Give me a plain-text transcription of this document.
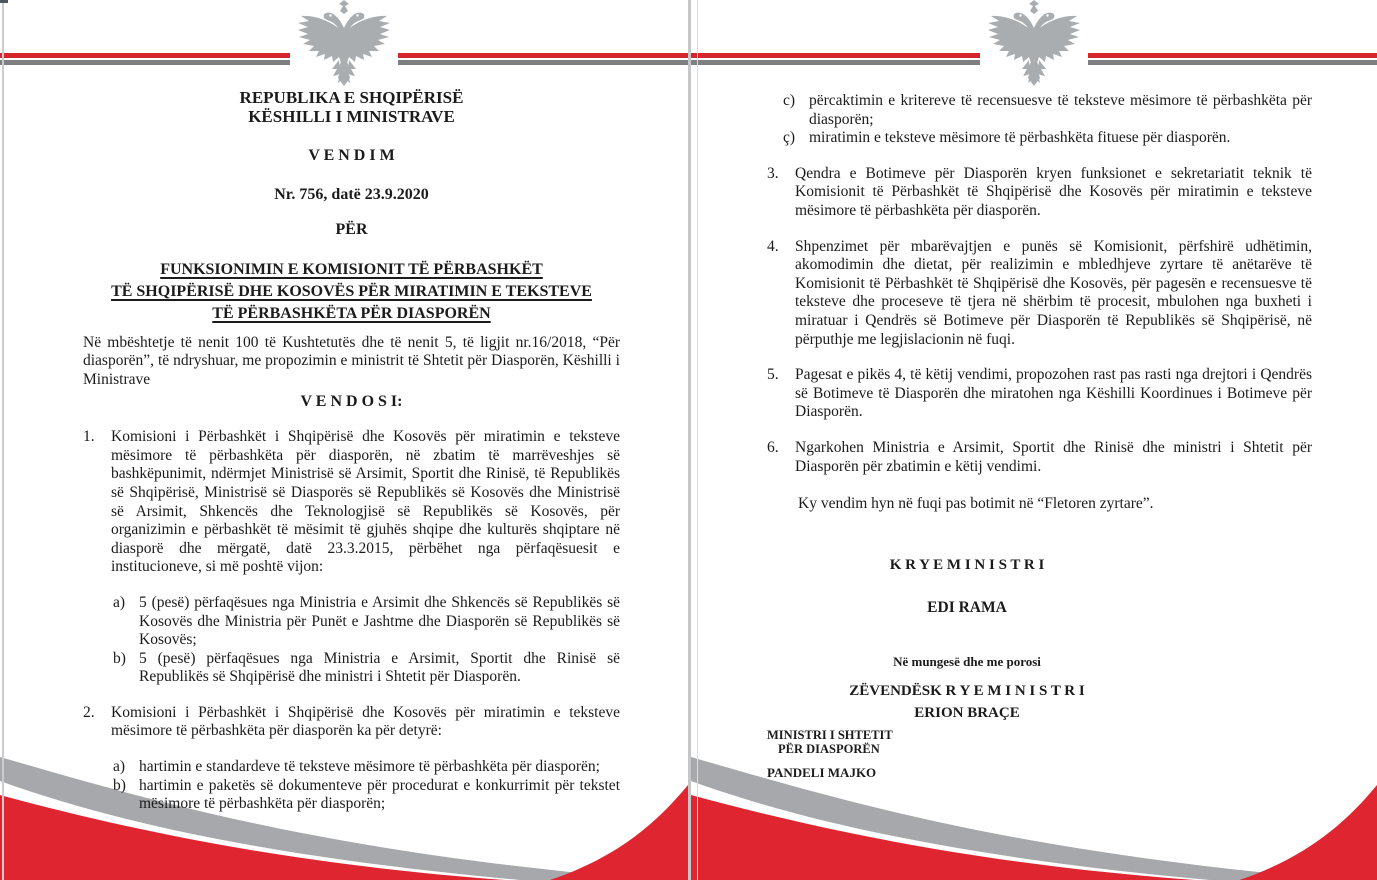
REPUBLIKA E SHQIPËRISË
KËSHILLI I MINISTRAVE
V E N D I M
Nr. 756, datë 23.9.2020
PËR
FUNKSIONIMIN E KOMISIONIT TË PËRBASHKËT
TË SHQIPËRISË DHE KOSOVËS PËR MIRATIMIN E TEKSTEVE
TË PËRBASHKËTA PËR DIASPORËN

Në mbështetje të nenit 100 të Kushtetutës dhe të nenit 5, të ligjit nr.16/2018, “Për diasporën”, të ndryshuar, me propozimin e ministrit të Shtetit për Diasporën, Këshilli i Ministrave

V E N D O S I:
1.	Komisioni i Përbashkët i Shqipërisë dhe Kosovës për miratimin e teksteve mësimore të përbashkëta për diasporën, në zbatim të marrëveshjes së bashkëpunimit, ndërmjet Ministrisë së Arsimit, Sportit dhe Rinisë, të Republikës së Shqipërisë, Ministrisë së Diasporës së Republikës së Kosovës dhe Ministrisë së Arsimit, Shkencës dhe Teknologjisë së Republikës së Kosovës, për organizimin e përbashkët të mësimit të gjuhës shqipe dhe kulturës shqiptare në diasporë dhe mërgatë, datë 23.3.2015, përbëhet nga përfaqësuesit e institucioneve, si më poshtë vijon:
a) 5 (pesë) përfaqësues nga Ministria e Arsimit dhe Shkencës së Republikës së Kosovës dhe Ministria për Punët e Jashtme dhe Diasporën së Republikës së Kosovës;
b) 5 (pesë) përfaqësues nga Ministria e Arsimit, Sportit dhe Rinisë së Republikës së Shqipërisë dhe ministri i Shtetit për Diasporën.
2.	Komisioni i Përbashkët i Shqipërisë dhe Kosovës për miratimin e teksteve mësimore të përbashkëta për diasporën ka për detyrë:
a) hartimin e standardeve të teksteve mësimore të përbashkëta për diasporën;
b) hartimin e paketës së dokumenteve për procedurat e konkurrimit për tekstet mësimore të përbashkëta për diasporën;
c) përcaktimin e kritereve të recensuesve të teksteve mësimore të përbashkëta për diasporën;
ç) miratimin e teksteve mësimore të përbashkëta fituese për diasporën.
3.	Qendra e Botimeve për Diasporën kryen funksionet e sekretariatit teknik të Komisionit të Përbashkët të Shqipërisë dhe Kosovës për miratimin e teksteve mësimore të përbashkëta për diasporën.
4.	Shpenzimet për mbarëvajtjen e punës së Komisionit, përfshirë udhëtimin, akomodimin dhe dietat, për realizimin e mbledhjeve zyrtare të anëtarëve të Komisionit të Përbashkët të Shqipërisë dhe Kosovës, për pagesën e recensuesve të teksteve dhe proceseve të tjera në shërbim të procesit, mbulohen nga buxheti i miratuar i Qendrës së Botimeve për Diasporën të Republikës së Shqipërisë, në përputhje me legjislacionin në fuqi.
5.	Pagesat e pikës 4, të këtij vendimi, propozohen rast pas rasti nga drejtori i Qendrës së Botimeve të Diasporën dhe miratohen nga Këshilli Koordinues i Botimeve për Diasporën.
6.	Ngarkohen Ministria e Arsimit, Sportit dhe Rinisë dhe ministri i Shtetit për Diasporën për zbatimin e këtij vendimi.
Ky vendim hyn në fuqi pas botimit në “Fletoren zyrtare”.
K R Y E M I N I S T R I
EDI RAMA
Në mungesë dhe me porosi
ZËVENDËSK R Y E M I N I S T R I
ERION BRAÇE
MINISTRI I SHTETIT
PËR DIASPORËN
PANDELI MAJKO
